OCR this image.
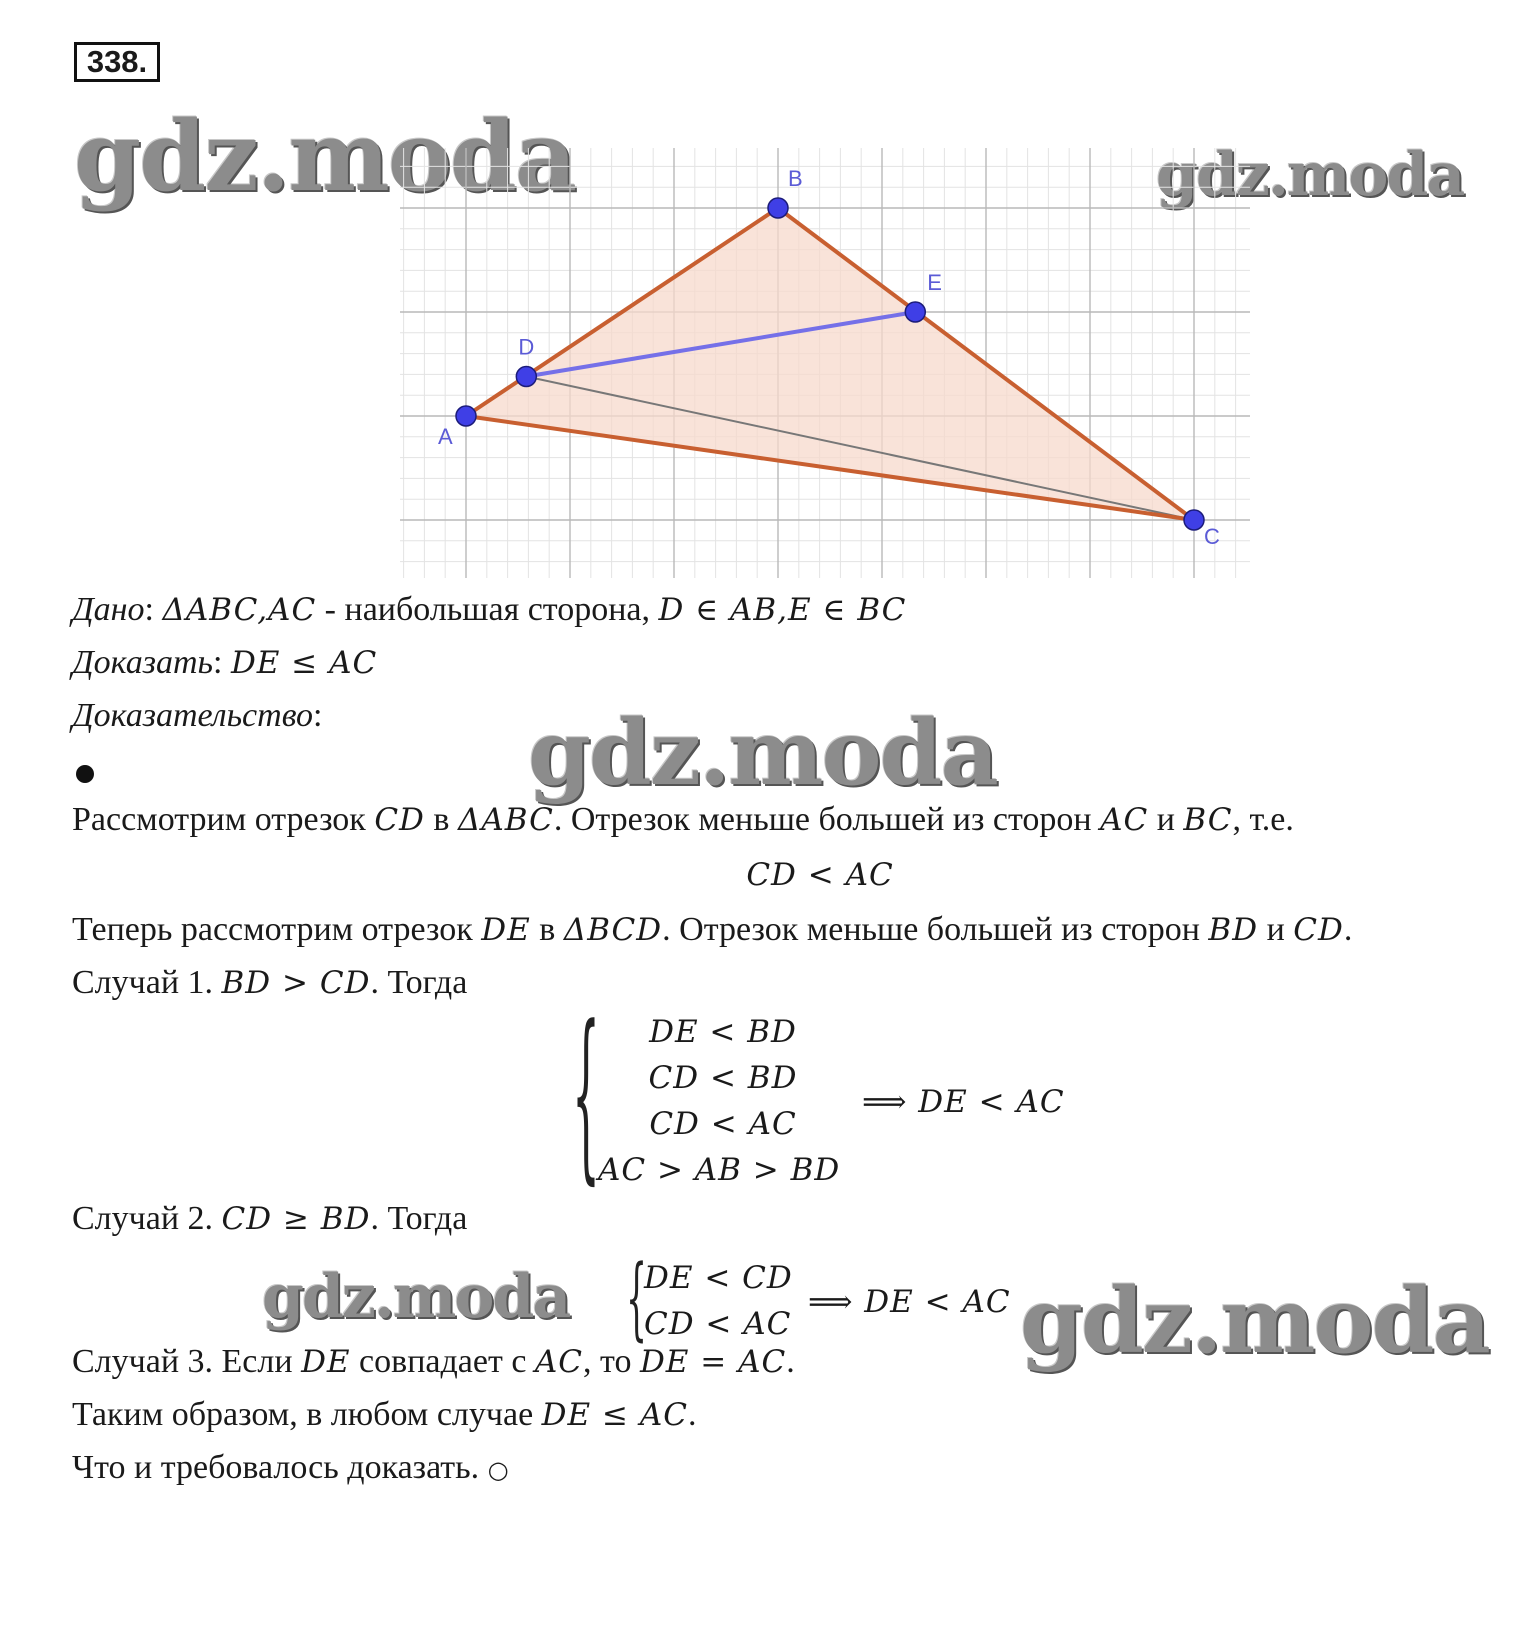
338.
gdz.moda	gdz.moda
A
B
C
D
E
Дано: ΔABC,AC - наибольшая сторона, D ∈ AB,E ∈ BC
Доказать: DE ≤ AC
Доказательство: gdz.moda
Рассмотрим отрезок CD в ΔABC. Отрезок меньше большей из сторон AC и BC, т.е.
CD < AC
Теперь рассмотрим отрезок DE в ΔBCD. Отрезок меньше большей из сторон BD и CD.
Случай 1. BD > CD. Тогда
{	DE < BD
CD < BD
CD < AC
AC > AB > BD
⟹ DE < AC
Случай 2. CD ≥ BD. Тогда
gdz.moda {
DE < CD
CD < AC
⟹ DE < AC gdz.moda
Случай 3. Если DE совпадает с AC, то DE = AC.
Таким образом, в любом случае DE ≤ AC.
Что и требовалось доказать. ○
